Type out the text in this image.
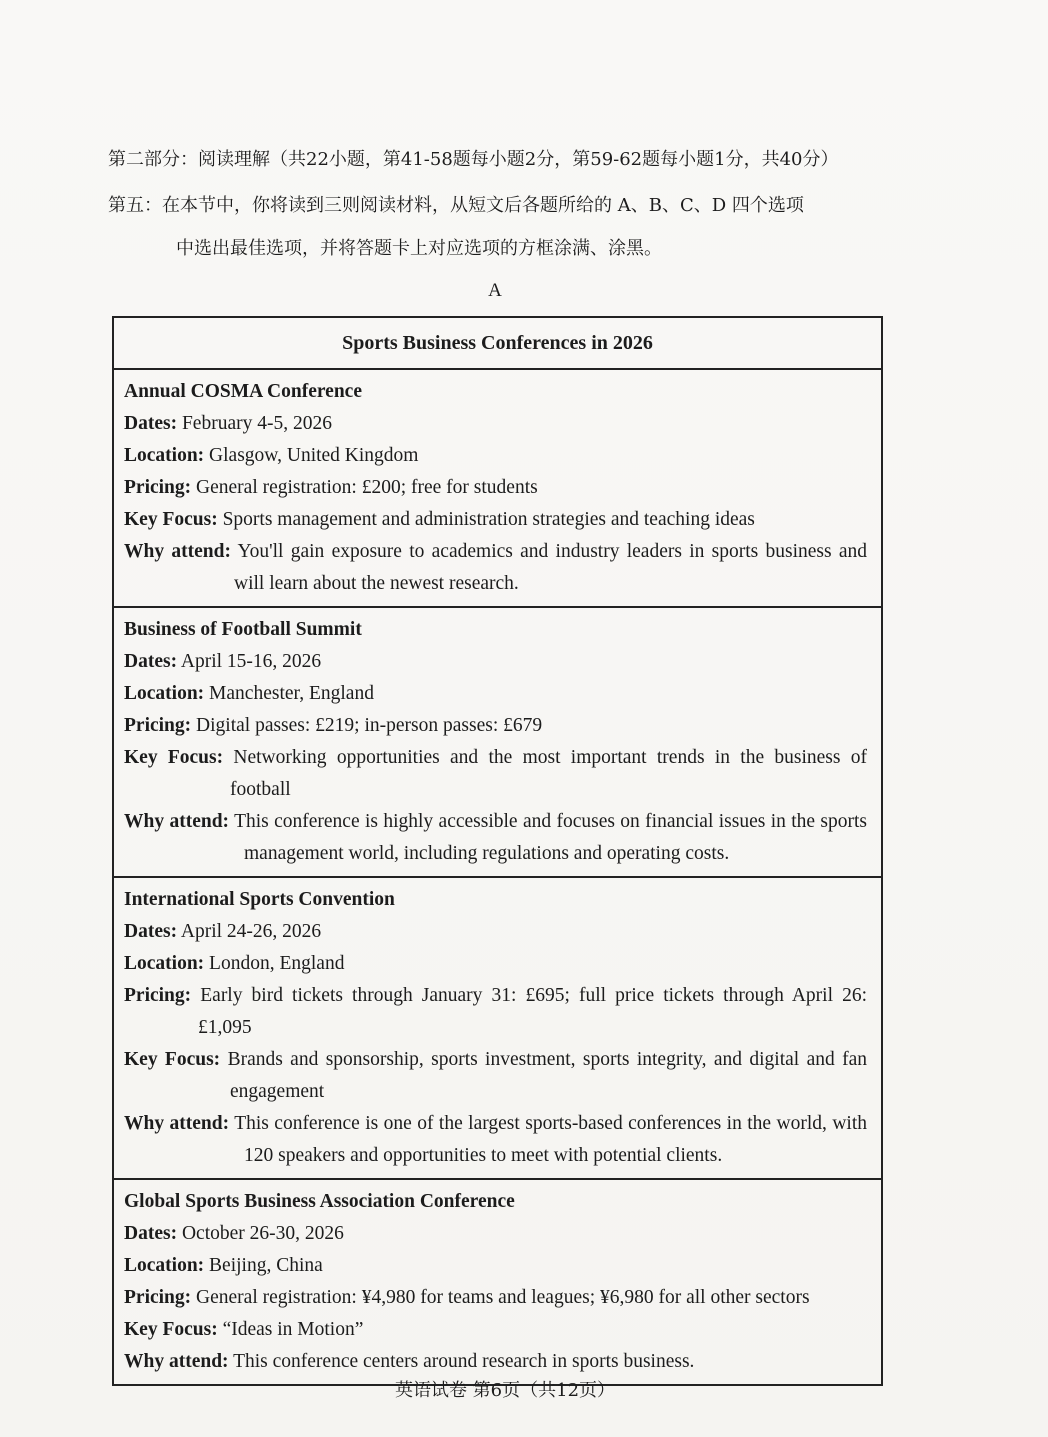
第二部分：阅读理解（共22小题，第41-58题每小题2分，第59-62题每小题1分，共40分）
第五：在本节中，你将读到三则阅读材料，从短文后各题所给的 A、B、C、D 四个选项
中选出最佳选项，并将答题卡上对应选项的方框涂满、涂黑。
A
Sports Business Conferences in 2026
Annual COSMA Conference
Dates: February 4-5, 2026
Location: Glasgow, United Kingdom
Pricing: General registration: £200; free for students
Key Focus: Sports management and administration strategies and teaching ideas
Why attend: You'll gain exposure to academics and industry leaders in sports business and will learn about the newest research.
Business of Football Summit
Dates: April 15-16, 2026
Location: Manchester, England
Pricing: Digital passes: £219; in-person passes: £679
Key Focus: Networking opportunities and the most important trends in the business of football
Why attend: This conference is highly accessible and focuses on financial issues in the sports management world, including regulations and operating costs.
International Sports Convention
Dates: April 24-26, 2026
Location: London, England
Pricing: Early bird tickets through January 31: £695; full price tickets through April 26: £1,095
Key Focus: Brands and sponsorship, sports investment, sports integrity, and digital and fan engagement
Why attend: This conference is one of the largest sports-based conferences in the world, with 120 speakers and opportunities to meet with potential clients.
Global Sports Business Association Conference
Dates: October 26-30, 2026
Location: Beijing, China
Pricing: General registration: ¥4,980 for teams and leagues; ¥6,980 for all other sectors
Key Focus: “Ideas in Motion”
Why attend: This conference centers around research in sports business.
英语试卷 第6页（共12页）
